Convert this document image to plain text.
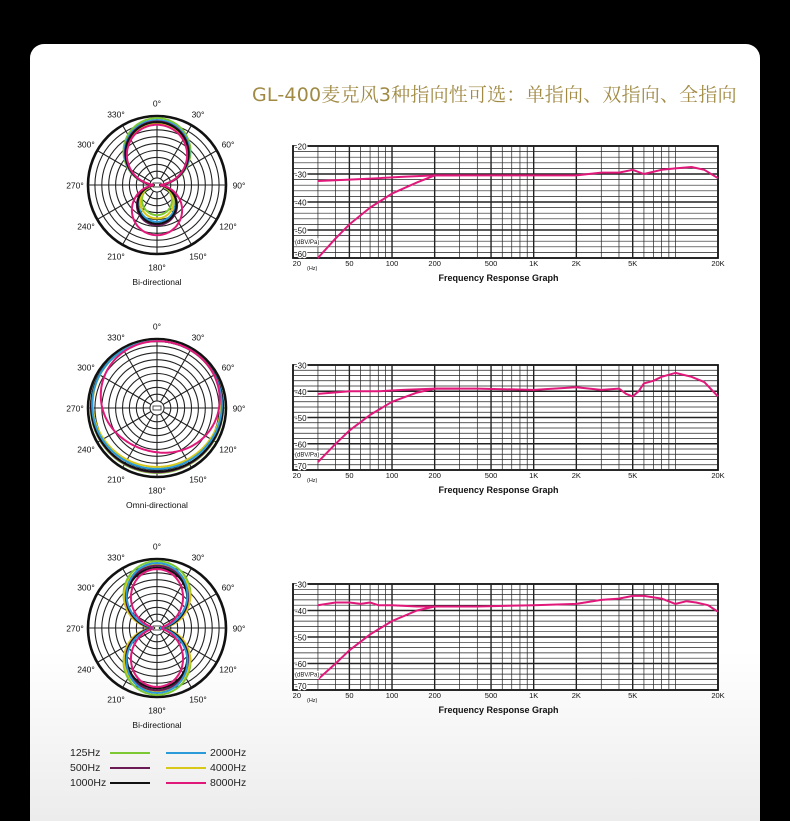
GL-400麦克风3种指向性可选：单指向、双指向、全指向
0°
30°
60°
90°
120°
150°
180°
210°
240°
270°
300°
330°
Bi-directional
0°
30°
60°
90°
120°
150°
180°
210°
240°
270°
300°
330°
Omni-directional
0°
30°
60°
90°
120°
150°
180°
210°
240°
270°
300°
330°
Bi-directional
-20
-30
-40
-50
-60
(dBV/Pa)
20	50	100	200	500	1K	2K	5K	20K
(Hz)
Frequency Response Graph
-30
-40
-50
-60
-70
(dBV/Pa)
20	50	100	200	500	1K	2K	5K	20K
(Hz)
Frequency Response Graph
-30
-40
-50
-60
-70
(dBV/Pa)
20	50	100	200	500	1K	2K	5K	20K
(Hz)
Frequency Response Graph
125Hz
500Hz
1000Hz
2000Hz
4000Hz
8000Hz
